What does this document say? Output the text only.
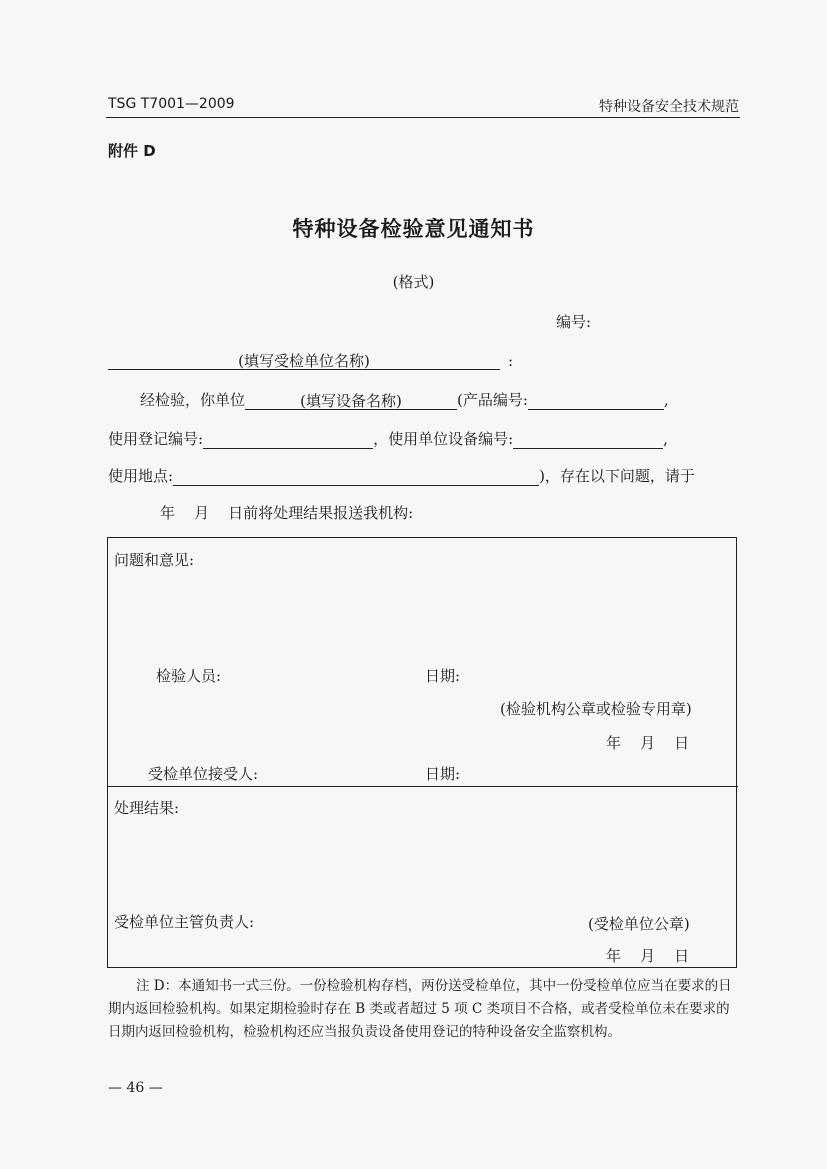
TSG T7001—2009	特种设备安全技术规范
附件 D
特种设备检验意见通知书
(格式)
编号:
(填写受检单位名称)	:
经检验，你单位	(填写设备名称)	(产品编号:	,
使用登记编号:	，使用单位设备编号:	,
使用地点:	)，存在以下问题，请于
年    月    日前将处理结果报送我机构:
问题和意见:
检验人员:	日期:
(检验机构公章或检验专用章)
年    月    日
受检单位接受人:	日期:
处理结果:
受检单位主管负责人:	(受检单位公章)
年    月    日
注 D：本通知书一式三份。一份检验机构存档，两份送受检单位，其中一份受检单位应当在要求的日期内返回检验机构。如果定期检验时存在 B 类或者超过 5 项 C 类项目不合格，或者受检单位未在要求的日期内返回检验机构，检验机构还应当报负责设备使用登记的特种设备安全监察机构。
— 46 —
